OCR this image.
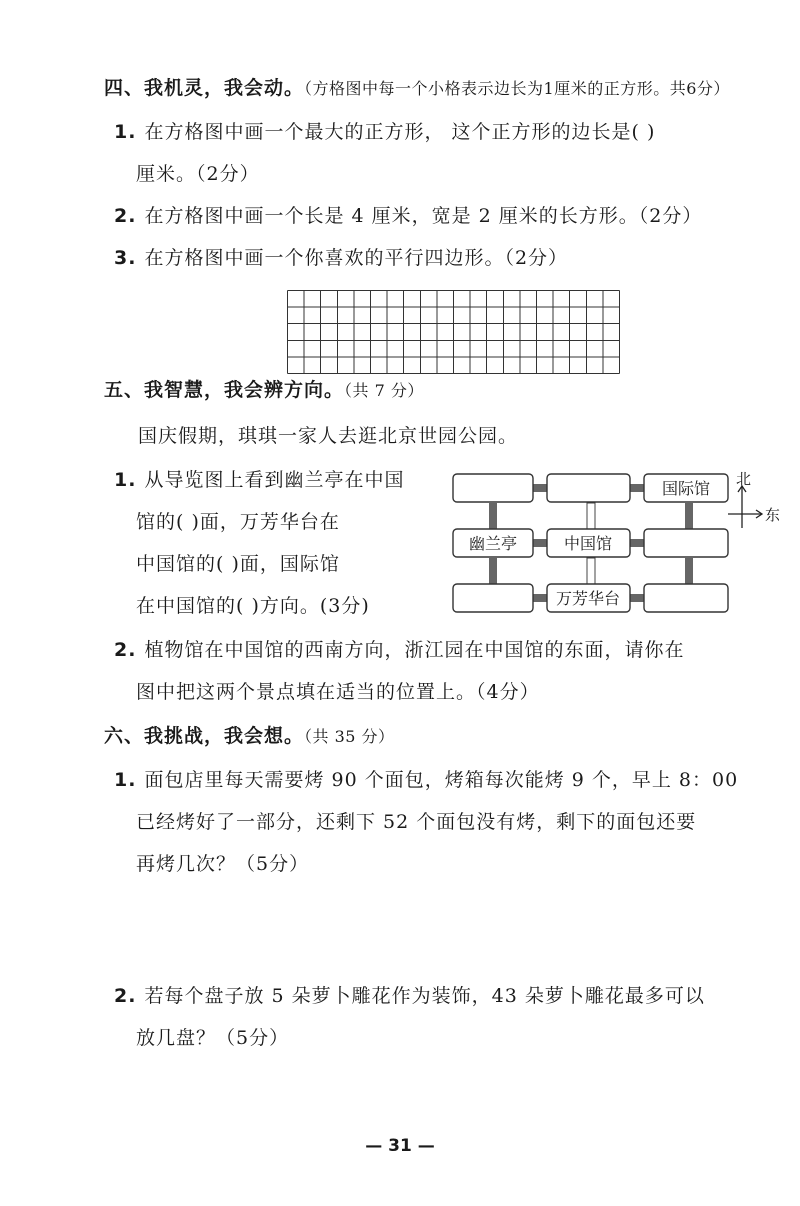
四、我机灵，我会动。（方格图中每一个小格表示边长为1厘米的正方形。共6分）
1. 在方格图中画一个最大的正方形， 这个正方形的边长是( )
厘米。（2分）
2. 在方格图中画一个长是 4 厘米，宽是 2 厘米的长方形。（2分）
3. 在方格图中画一个你喜欢的平行四边形。（2分）
五、我智慧，我会辨方向。（共 7 分）
国庆假期，琪琪一家人去逛北京世园公园。
1. 从导览图上看到幽兰亭在中国
馆的( )面，万芳华台在
中国馆的( )面，国际馆
在中国馆的( )方向。(3分)
国际馆
幽兰亭	中国馆
万芳华台
北
东
2. 植物馆在中国馆的西南方向，浙江园在中国馆的东面，请你在
图中把这两个景点填在适当的位置上。（4分）
六、我挑战，我会想。（共 35 分）
1. 面包店里每天需要烤 90 个面包，烤箱每次能烤 9 个，早上 8：00
已经烤好了一部分，还剩下 52 个面包没有烤，剩下的面包还要
再烤几次？（5分）
2. 若每个盘子放 5 朵萝卜雕花作为装饰，43 朵萝卜雕花最多可以
放几盘？（5分）
— 31 —
